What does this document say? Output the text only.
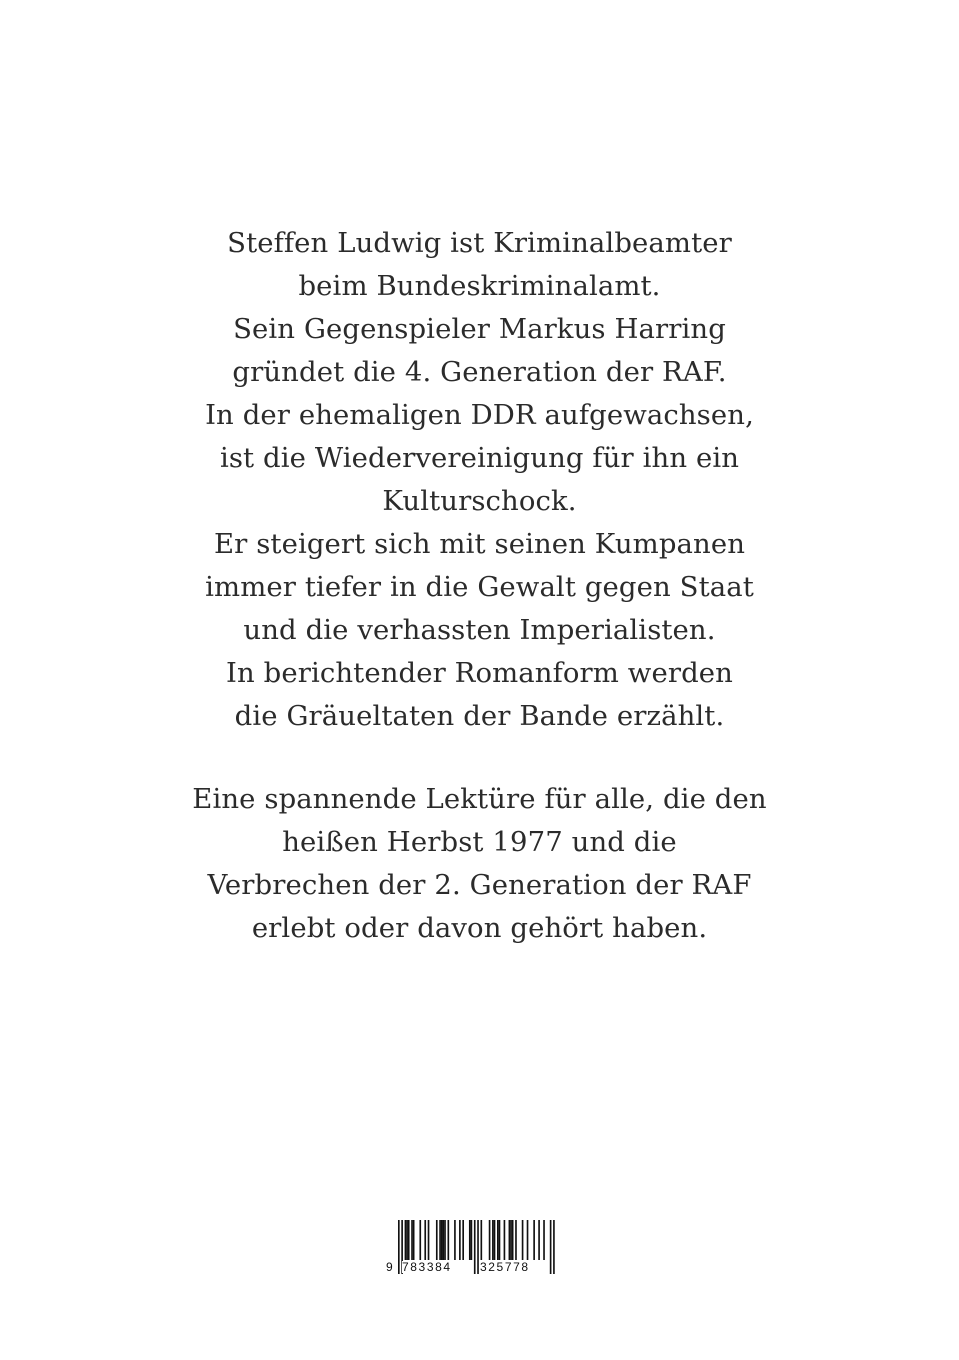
Steffen Ludwig ist Kriminalbeamter
beim Bundeskriminalamt.
Sein Gegenspieler Markus Harring
gründet die 4. Generation der RAF.
In der ehemaligen DDR aufgewachsen,
ist die Wiedervereinigung für ihn ein
Kulturschock.
Er steigert sich mit seinen Kumpanen
immer tiefer in die Gewalt gegen Staat
und die verhassten Imperialisten.
In berichtender Romanform werden
die Gräueltaten der Bande erzählt.
Eine spannende Lektüre für alle, die den
heißen Herbst 1977 und die
Verbrechen der 2. Generation der RAF
erlebt oder davon gehört haben.
9 783384 325778
